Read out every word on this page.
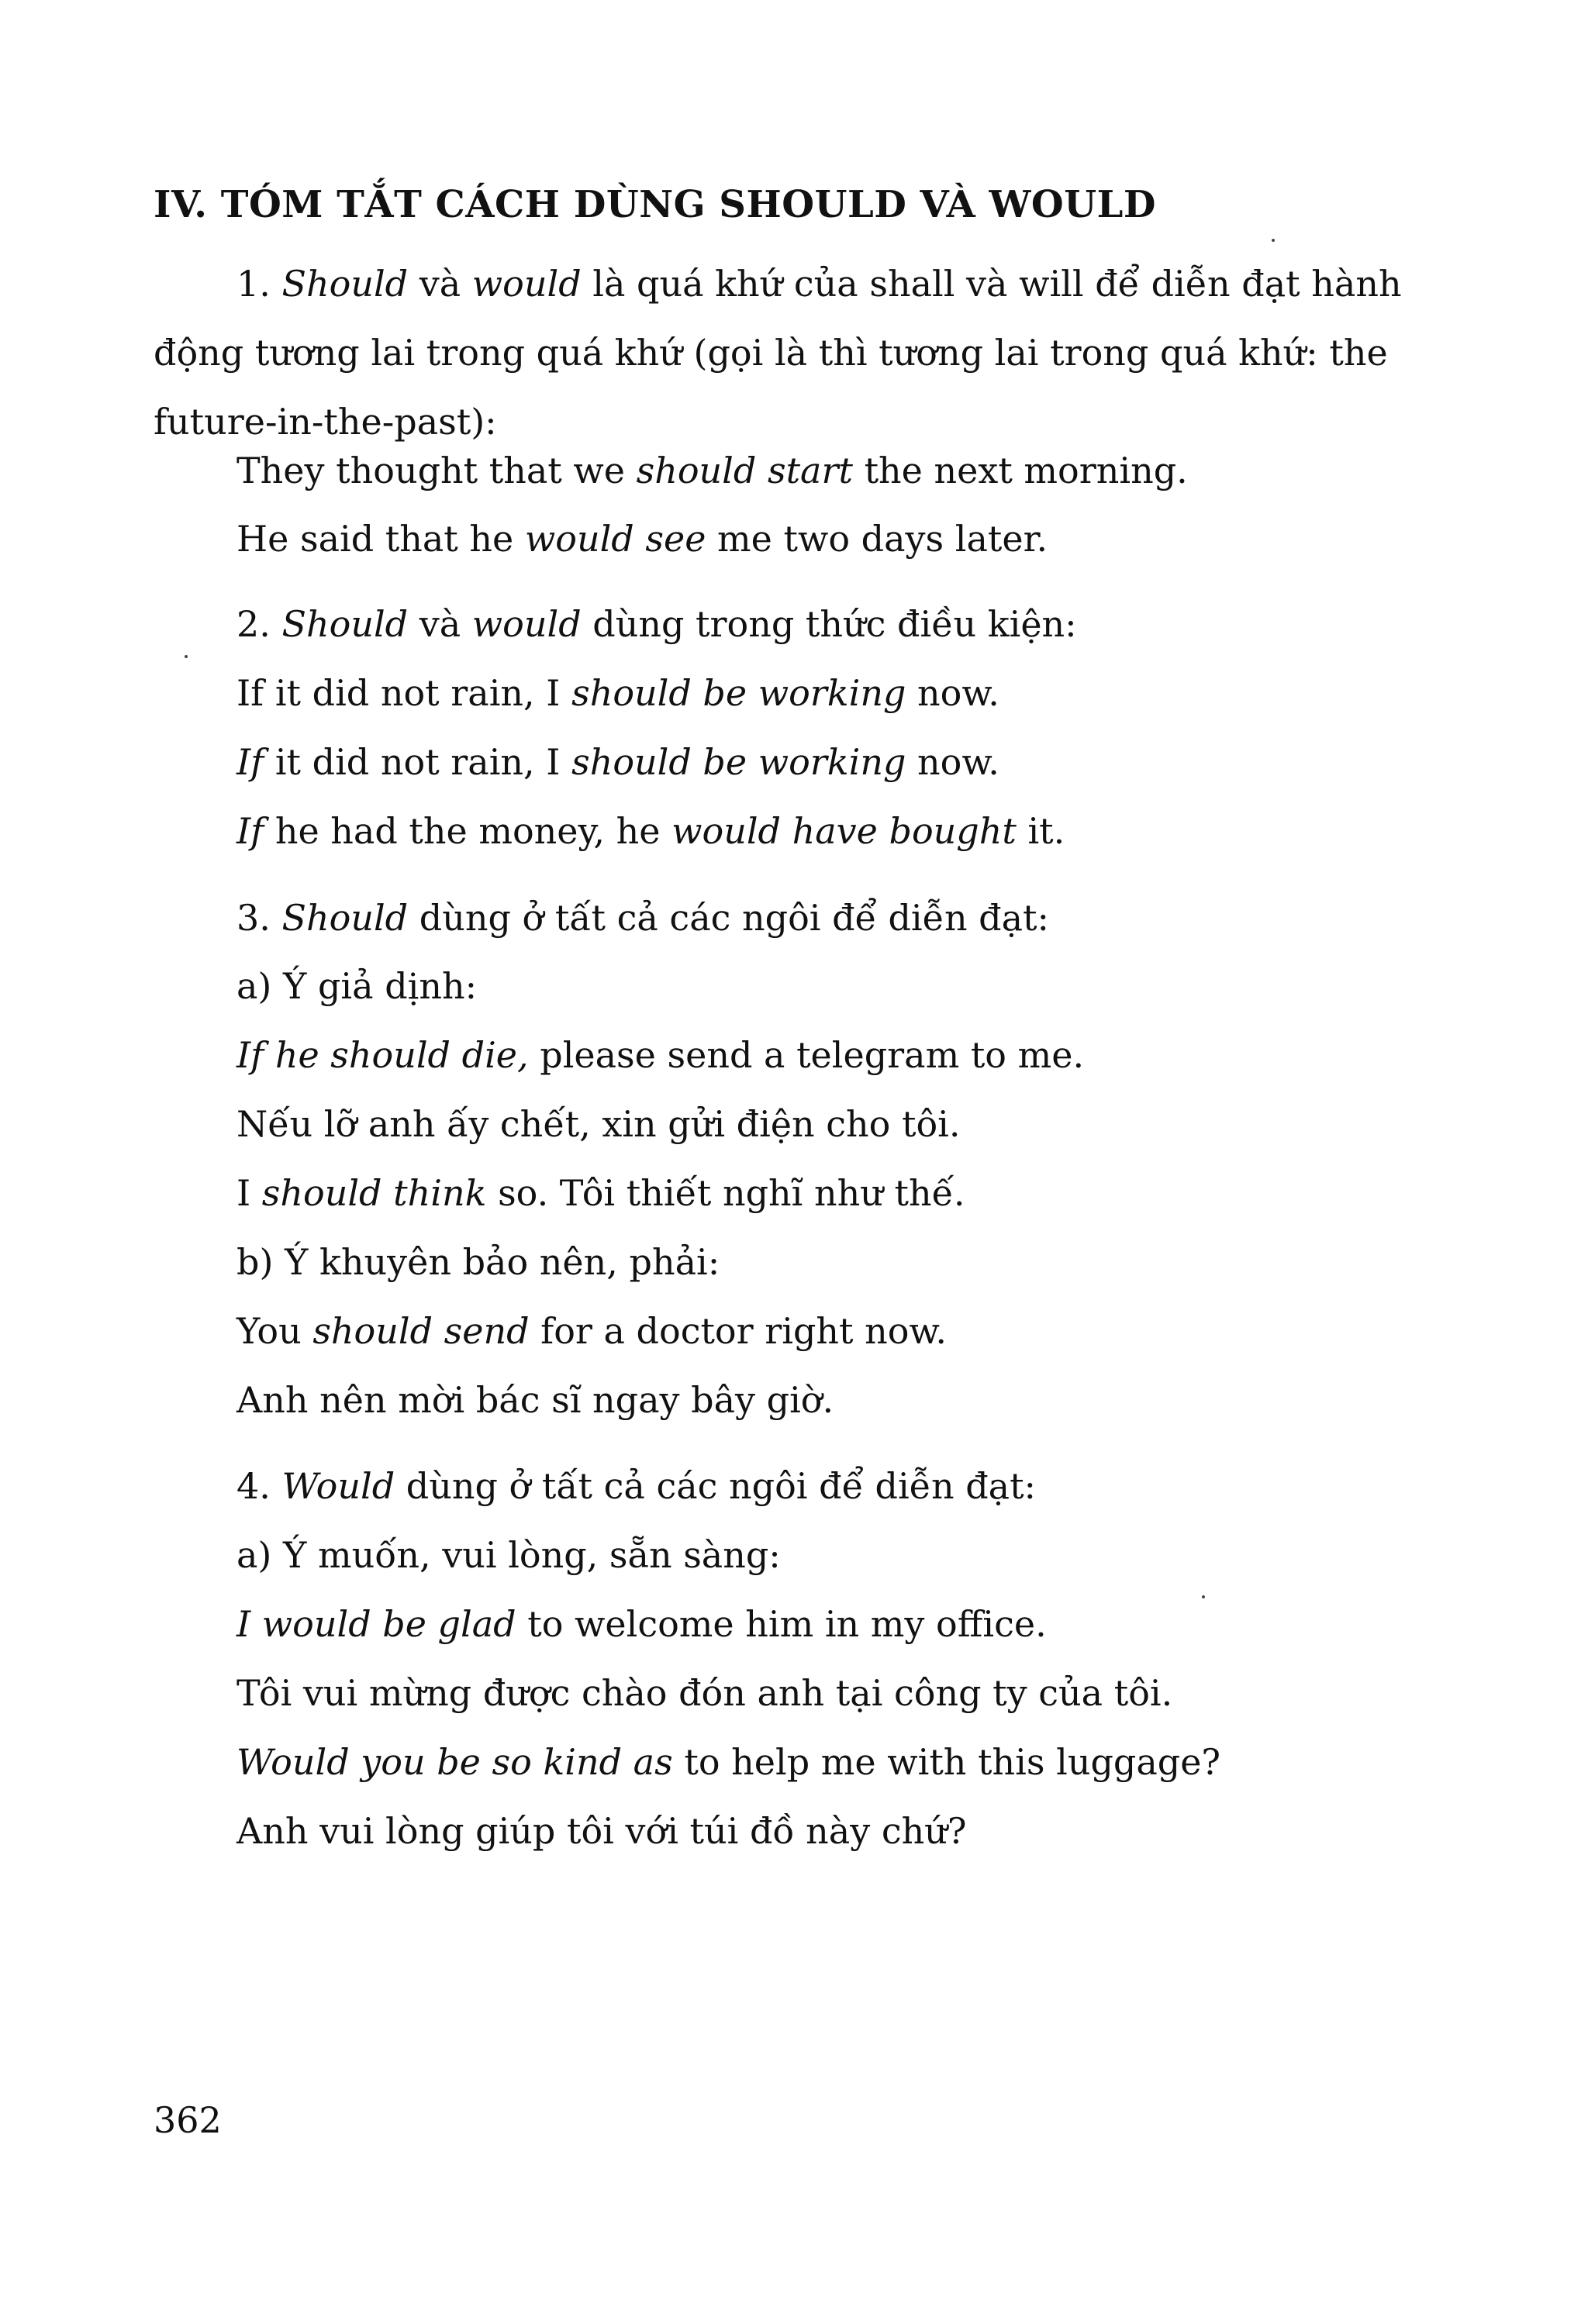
IV. TÓM TẮT CÁCH DÙNG SHOULD VÀ WOULD
1. Should và would là quá khứ của shall và will để diễn đạt hành động tương lai trong quá khứ (gọi là thì tương lai trong quá khứ: the future-in-the-past):
They thought that we should start the next morning.
He said that he would see me two days later.
2. Should và would dùng trong thức điều kiện:
If it did not rain, I should be working now.
If it did not rain, I should be working now.
If he had the money, he would have bought it.
3. Should dùng ở tất cả các ngôi để diễn đạt:
a) Ý giả dịnh:
If he should die, please send a telegram to me.
Nếu lỡ anh ấy chết, xin gửi điện cho tôi.
I should think so. Tôi thiết nghĩ như thế.
b) Ý khuyên bảo nên, phải:
You should send for a doctor right now.
Anh nên mời bác sĩ ngay bây giờ.
4. Would dùng ở tất cả các ngôi để diễn đạt:
a) Ý muốn, vui lòng, sẵn sàng:
I would be glad to welcome him in my office.
Tôi vui mừng được chào đón anh tại công ty của tôi.
Would you be so kind as to help me with this luggage?
Anh vui lòng giúp tôi với túi đồ này chứ?
362
